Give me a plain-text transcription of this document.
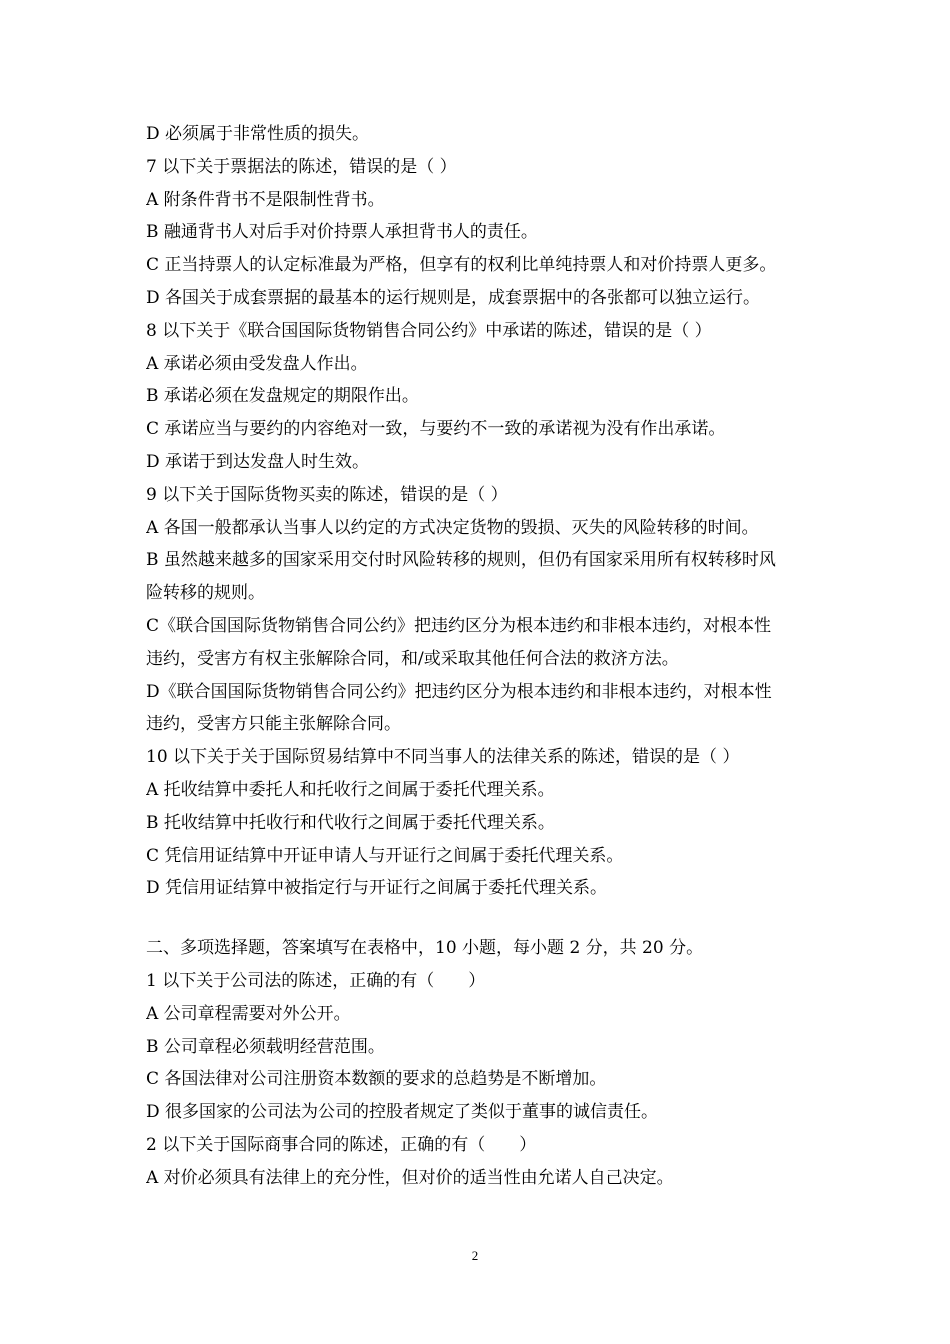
D 必须属于非常性质的损失。
7 以下关于票据法的陈述，错误的是（ ）
A 附条件背书不是限制性背书。
B 融通背书人对后手对价持票人承担背书人的责任。
C 正当持票人的认定标准最为严格，但享有的权利比单纯持票人和对价持票人更多。
D 各国关于成套票据的最基本的运行规则是，成套票据中的各张都可以独立运行。
8 以下关于《联合国国际货物销售合同公约》中承诺的陈述，错误的是（ ）
A 承诺必须由受发盘人作出。
B 承诺必须在发盘规定的期限作出。
C 承诺应当与要约的内容绝对一致，与要约不一致的承诺视为没有作出承诺。
D 承诺于到达发盘人时生效。
9 以下关于国际货物买卖的陈述，错误的是（ ）
A 各国一般都承认当事人以约定的方式决定货物的毁损、灭失的风险转移的时间。
B 虽然越来越多的国家采用交付时风险转移的规则，但仍有国家采用所有权转移时风
险转移的规则。
C《联合国国际货物销售合同公约》把违约区分为根本违约和非根本违约，对根本性
违约，受害方有权主张解除合同，和/或采取其他任何合法的救济方法。
D《联合国国际货物销售合同公约》把违约区分为根本违约和非根本违约，对根本性
违约，受害方只能主张解除合同。
10 以下关于关于国际贸易结算中不同当事人的法律关系的陈述，错误的是（ ）
A 托收结算中委托人和托收行之间属于委托代理关系。
B 托收结算中托收行和代收行之间属于委托代理关系。
C 凭信用证结算中开证申请人与开证行之间属于委托代理关系。
D 凭信用证结算中被指定行与开证行之间属于委托代理关系。
二、多项选择题，答案填写在表格中，10 小题，每小题 2 分，共 20 分。
1 以下关于公司法的陈述，正确的有（　　）
A 公司章程需要对外公开。
B 公司章程必须载明经营范围。
C 各国法律对公司注册资本数额的要求的总趋势是不断增加。
D 很多国家的公司法为公司的控股者规定了类似于董事的诚信责任。
2 以下关于国际商事合同的陈述，正确的有（　　）
A 对价必须具有法律上的充分性，但对价的适当性由允诺人自己决定。
2
